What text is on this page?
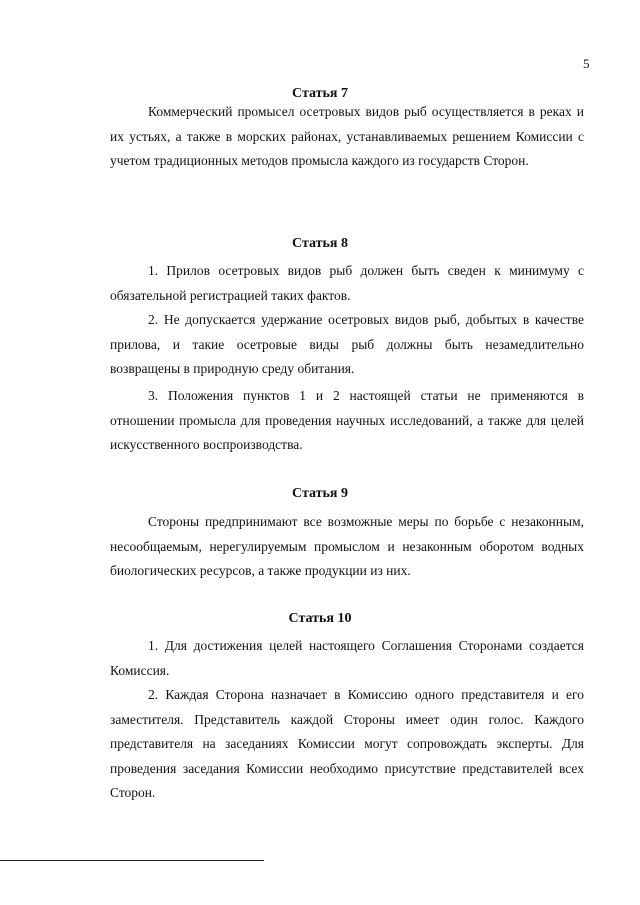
5
Статья 7

Коммерческий промысел осетровых видов рыб осуществляется в реках и их устьях, а также в морских районах, устанавливаемых решением Комиссии с учетом традиционных методов промысла каждого из государств Сторон.

Статья 8

1. Прилов осетровых видов рыб должен быть сведен к минимуму с обязательной регистрацией таких фактов.

2. Не допускается удержание осетровых видов рыб, добытых в качестве прилова, и такие осетровые виды рыб должны быть незамедлительно возвращены в природную среду обитания.

3. Положения пунктов 1 и 2 настоящей статьи не применяются в отношении промысла для проведения научных исследований, а также для целей искусственного воспроизводства.

Статья 9

Стороны предпринимают все возможные меры по борьбе с незаконным, несообщаемым, нерегулируемым промыслом и незаконным оборотом водных биологических ресурсов, а также продукции из них.

Статья 10

1. Для достижения целей настоящего Соглашения Сторонами создается Комиссия.

2. Каждая Сторона назначает в Комиссию одного представителя и его заместителя. Представитель каждой Стороны имеет один голос. Каждого представителя на заседаниях Комиссии могут сопровождать эксперты. Для проведения заседания Комиссии необходимо присутствие представителей всех Сторон.
